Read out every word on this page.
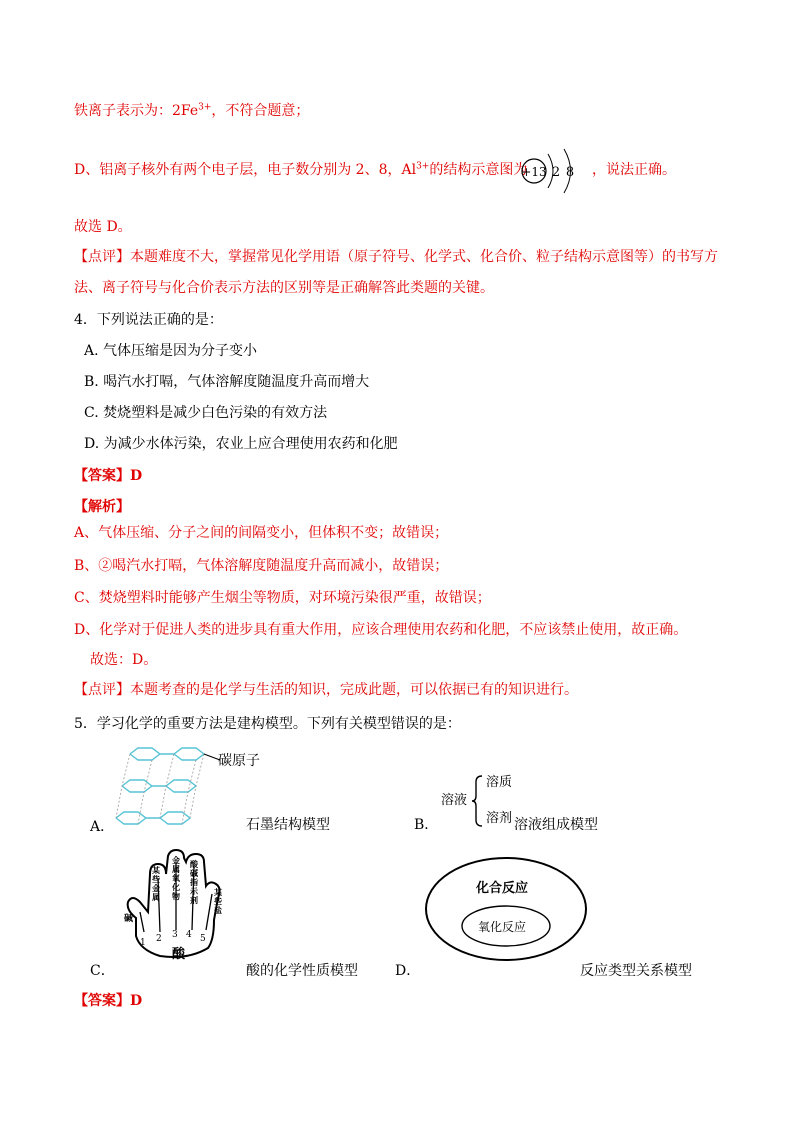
铁离子表示为：$2Fe^{3+}$，不符合题意；
D、铝离子核外有两个电子层，电子数分别为 2、8，$Al^{3+}$的结构示意图为
+13 2 8 ，说法正确。
故选 D。
【点评】本题难度不大，掌握常见化学用语（原子符号、化学式、化合价、粒子结构示意图等）的书写方
法、离子符号与化合价表示方法的区别等是正确解答此类题的关键。
4．下列说法正确的是：
A. 气体压缩是因为分子变小
B. 喝汽水打嗝，气体溶解度随温度升高而增大
C. 焚烧塑料是减少白色污染的有效方法
D. 为减少水体污染，农业上应合理使用农药和化肥
【答案】D
【解析】
A、气体压缩、分子之间的间隔变小，但体积不变；故错误；
B、②喝汽水打嗝，气体溶解度随温度升高而减小，故错误；
C、焚烧塑料时能够产生烟尘等物质，对环境污染很严重，故错误；
D、化学对于促进人类的进步具有重大作用，应该合理使用农药和化肥，不应该禁止使用，故正确。
故选：D。
【点评】本题考查的是化学与生活的知识，完成此题，可以依据已有的知识进行。
5．学习化学的重要方法是建构模型。下列有关模型错误的是：
碳原子
A．	石墨结构模型
溶液
溶质
溶剂
B．	溶液组成模型
碱
某些金属
金属氧化物
酸碱指示剂
某些盐
1 2 3 4 5
酸
C．	酸的化学性质模型
化合反应
氧化反应
D．	反应类型关系模型
【答案】D
